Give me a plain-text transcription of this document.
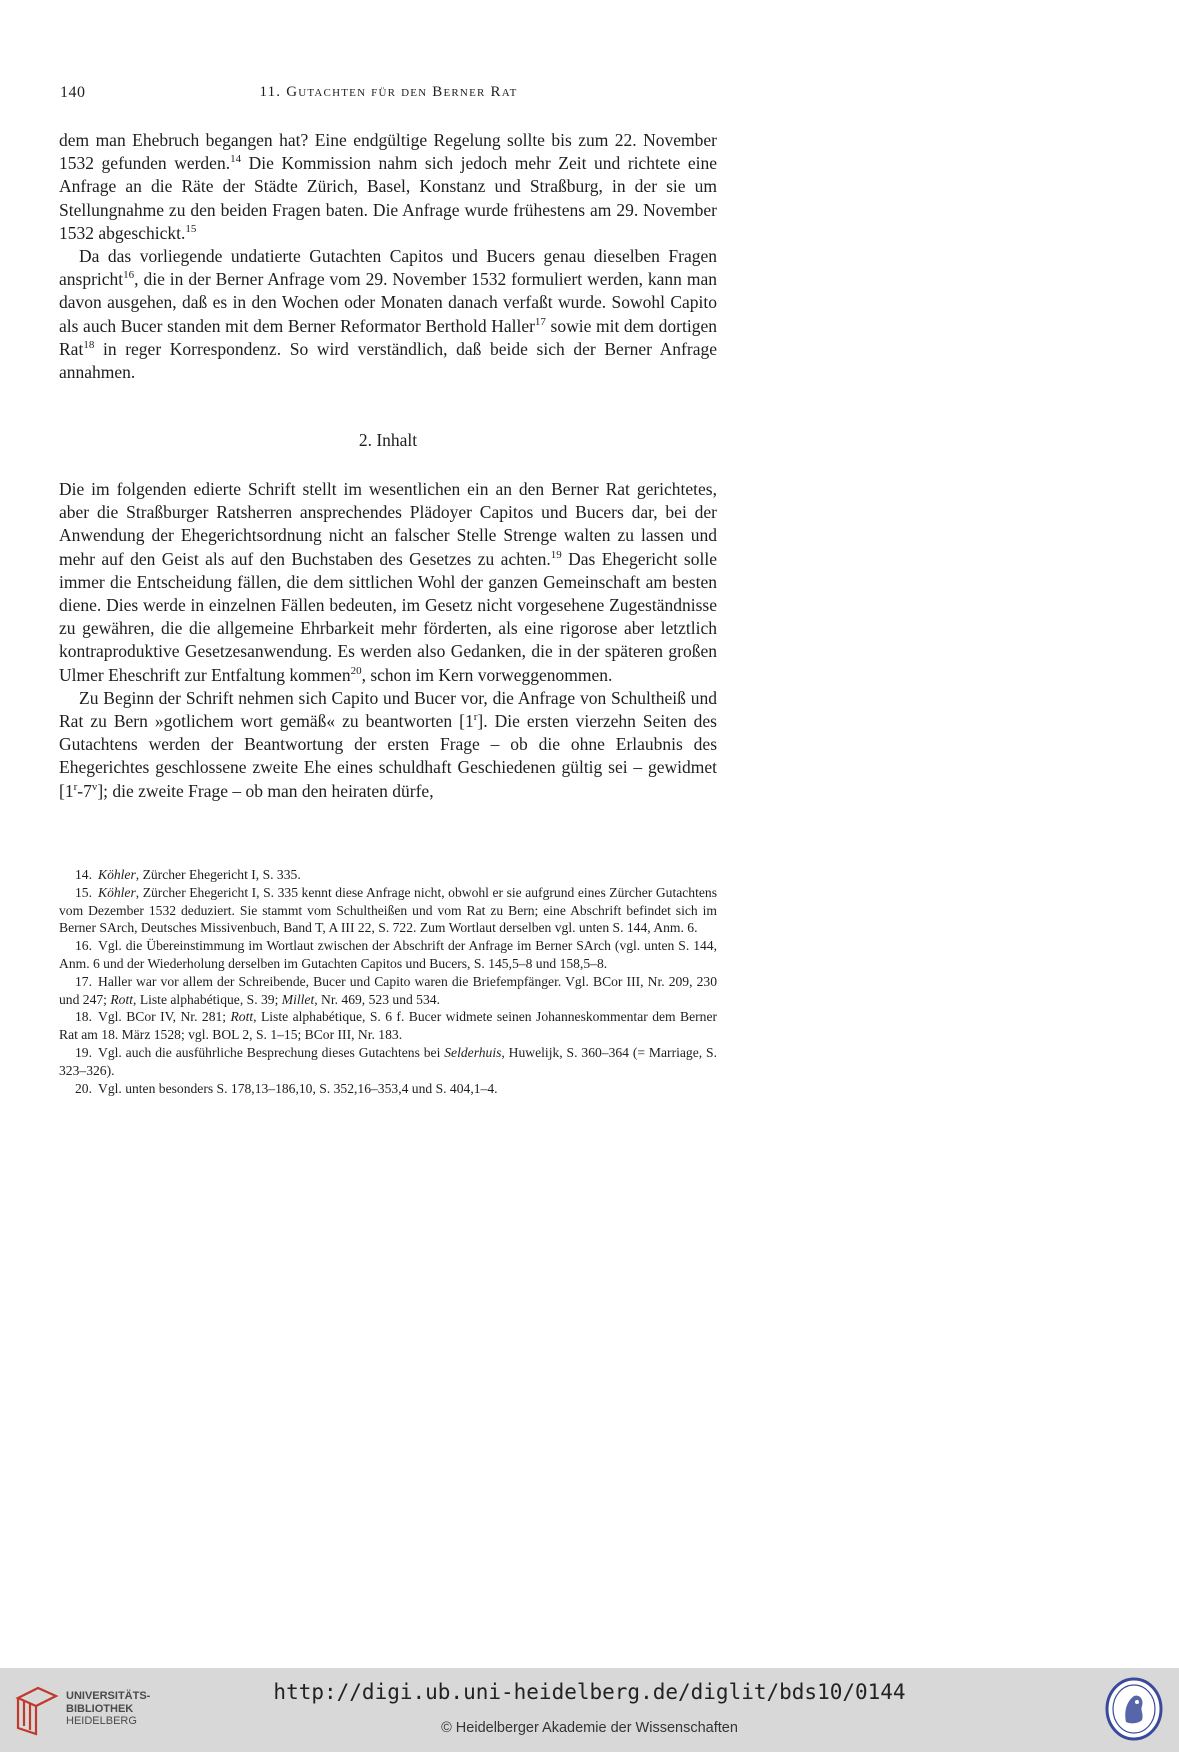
140	11. Gutachten für den Berner Rat

dem man Ehebruch begangen hat? Eine endgültige Regelung sollte bis zum 22. November 1532 gefunden werden.$^{14}$ Die Kommission nahm sich jedoch mehr Zeit und richtete eine Anfrage an die Räte der Städte Zürich, Basel, Konstanz und Straßburg, in der sie um Stellungnahme zu den beiden Fragen baten. Die Anfrage wurde frühestens am 29. November 1532 abgeschickt.$^{15}$

Da das vorliegende undatierte Gutachten Capitos und Bucers genau dieselben Fragen anspricht$^{16}$, die in der Berner Anfrage vom 29. November 1532 formuliert werden, kann man davon ausgehen, daß es in den Wochen oder Monaten danach verfaßt wurde. Sowohl Capito als auch Bucer standen mit dem Berner Reformator Berthold Haller$^{17}$ sowie mit dem dortigen Rat$^{18}$ in reger Korrespondenz. So wird verständlich, daß beide sich der Berner Anfrage annahmen.

2. Inhalt

Die im folgenden edierte Schrift stellt im wesentlichen ein an den Berner Rat gerichtetes, aber die Straßburger Ratsherren ansprechendes Plädoyer Capitos und Bucers dar, bei der Anwendung der Ehegerichtsordnung nicht an falscher Stelle Strenge walten zu lassen und mehr auf den Geist als auf den Buchstaben des Gesetzes zu achten.$^{19}$ Das Ehegericht solle immer die Entscheidung fällen, die dem sittlichen Wohl der ganzen Gemeinschaft am besten diene. Dies werde in einzelnen Fällen bedeuten, im Gesetz nicht vorgesehene Zugeständnisse zu gewähren, die die allgemeine Ehrbarkeit mehr förderten, als eine rigorose aber letztlich kontraproduktive Gesetzesanwendung. Es werden also Gedanken, die in der späteren großen Ulmer Eheschrift zur Entfaltung kommen$^{20}$, schon im Kern vorweggenommen.

Zu Beginn der Schrift nehmen sich Capito und Bucer vor, die Anfrage von Schultheiß und Rat zu Bern »gotlichem wort gemäß« zu beantworten [1$^r$]. Die ersten vierzehn Seiten des Gutachtens werden der Beantwortung der ersten Frage – ob die ohne Erlaubnis des Ehegerichtes geschlossene zweite Ehe eines schuldhaft Geschiedenen gültig sei – gewidmet [1$^r$-7$^v$]; die zweite Frage – ob man den heiraten dürfe,

14. Köhler, Zürcher Ehegericht I, S. 335.

15. Köhler, Zürcher Ehegericht I, S. 335 kennt diese Anfrage nicht, obwohl er sie aufgrund eines Zürcher Gutachtens vom Dezember 1532 deduziert. Sie stammt vom Schultheißen und vom Rat zu Bern; eine Abschrift befindet sich im Berner SArch, Deutsches Missivenbuch, Band T, A III 22, S. 722. Zum Wortlaut derselben vgl. unten S. 144, Anm. 6.

16. Vgl. die Übereinstimmung im Wortlaut zwischen der Abschrift der Anfrage im Berner SArch (vgl. unten S. 144, Anm. 6 und der Wiederholung derselben im Gutachten Capitos und Bucers, S. 145,5–8 und 158,5–8.

17. Haller war vor allem der Schreibende, Bucer und Capito waren die Briefempfänger. Vgl. BCor III, Nr. 209, 230 und 247; Rott, Liste alphabétique, S. 39; Millet, Nr. 469, 523 und 534.

18. Vgl. BCor IV, Nr. 281; Rott, Liste alphabétique, S. 6 f. Bucer widmete seinen Johanneskommentar dem Berner Rat am 18. März 1528; vgl. BOL 2, S. 1–15; BCor III, Nr. 183.

19. Vgl. auch die ausführliche Besprechung dieses Gutachtens bei Selderhuis, Huwelijk, S. 360–364 (= Marriage, S. 323–326).

20. Vgl. unten besonders S. 178,13–186,10, S. 352,16–353,4 und S. 404,1–4.

UNIVERSITÄTS-
BIBLIOTHEK
HEIDELBERG
http://digi.ub.uni-heidelberg.de/diglit/bds10/0144
© Heidelberger Akademie der Wissenschaften
